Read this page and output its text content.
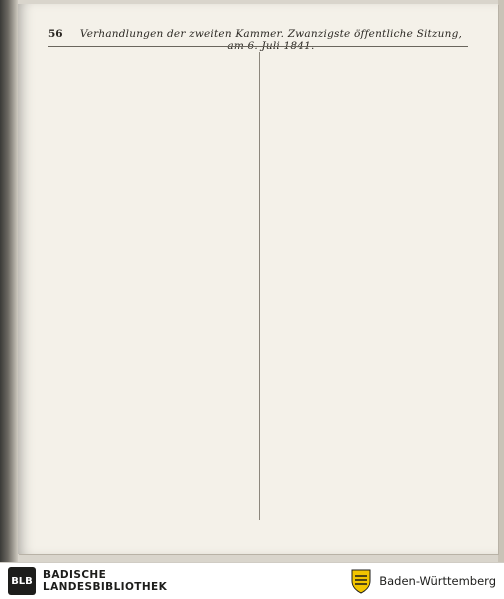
56	Verhandlungen der zweiten Kammer. Zwanzigste öffentliche Sitzung, am 6. Juli 1841.
BLB BADISCHE
LANDESBIBLIOTHEK	Baden-Württemberg
